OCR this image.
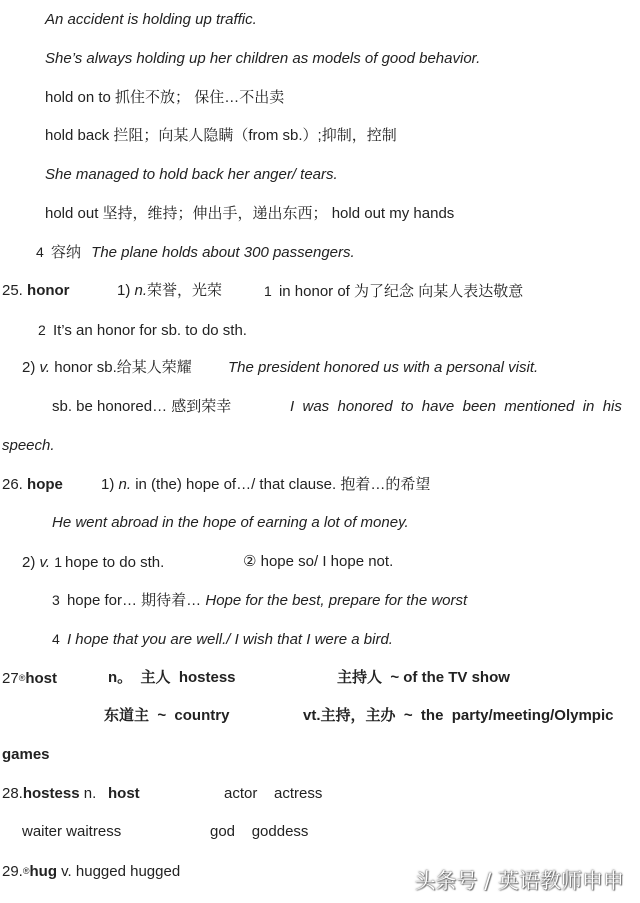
An accident is holding up traffic.
She’s always holding up her children as models of good behavior.
hold on to 抓住不放； 保住…不出卖
hold back 拦阻；向某人隐瞒（from sb.）;抑制，控制
She managed to hold back her anger/ tears.
hold out 坚持，维持；伸出手，递出东西； hold out my hands
4 容纳 The plane holds about 300 passengers.
25. honor	1) n.荣誉，光荣	1 in honor of 为了纪念 向某人表达敬意
2 It’s an honor for sb. to do sth.
2) v. honor sb.给某人荣耀 The president honored us with a personal visit.
sb. be honored… 感到荣幸	I  was  honored  to  have  been  mentioned  in  his
speech.
26. hope	1) n. in (the) hope of…/ that clause. 抱着…的希望
He went abroad in the hope of earning a lot of money.
2) v. 1 hope to do sth.	② hope so/ I hope not.
3 hope for… 期待着… Hope for the best, prepare for the worst
4 I hope that you are well./ I wish that I were a bird.
27®host	n。  主人  hostess	主持人  ~ of the TV show
东道主  ~  country	vt.主持，主办  ~  the  party/meeting/Olympic
games
28.hostess n. host	actor    actress
waiter waitress	god    goddess
29.®hug v. hugged hugged	头条号 / 英语教师申申
